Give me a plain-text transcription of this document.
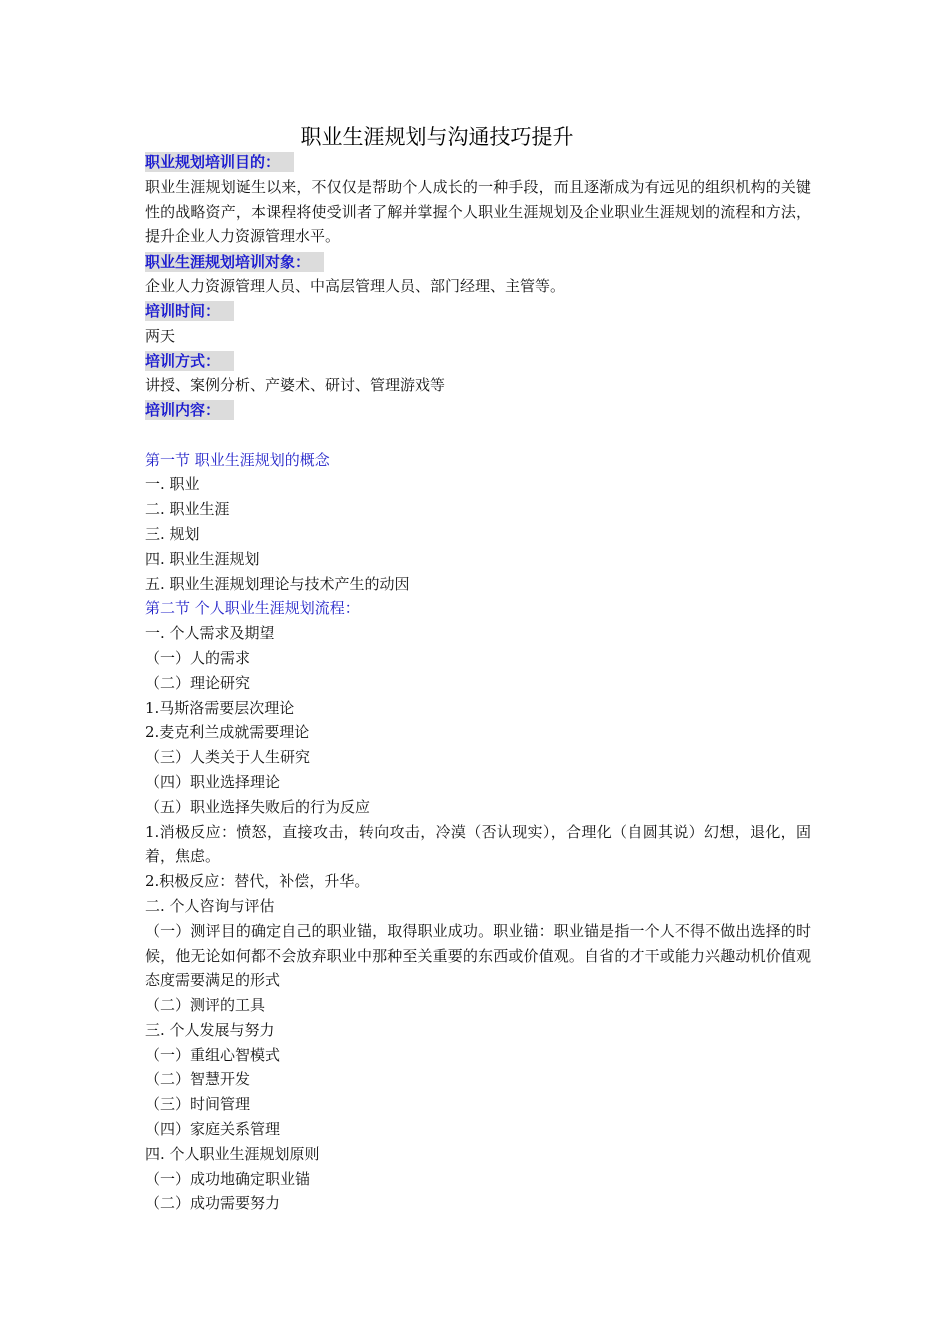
职业生涯规划与沟通技巧提升
职业规划培训目的：
职业生涯规划诞生以来，不仅仅是帮助个人成长的一种手段，而且逐渐成为有远见的组织机构的关键性的战略资产，本课程将使受训者了解并掌握个人职业生涯规划及企业职业生涯规划的流程和方法，提升企业人力资源管理水平。
职业生涯规划培训对象：
企业人力资源管理人员、中高层管理人员、部门经理、主管等。
培训时间：
两天
培训方式：
讲授、案例分析、产婆术、研讨、管理游戏等
培训内容：
第一节 职业生涯规划的概念
一. 职业
二. 职业生涯
三. 规划
四. 职业生涯规划
五. 职业生涯规划理论与技术产生的动因
第二节 个人职业生涯规划流程：
一. 个人需求及期望
（一）人的需求
（二）理论研究
1.马斯洛需要层次理论
2.麦克利兰成就需要理论
（三）人类关于人生研究
（四）职业选择理论
（五）职业选择失败后的行为反应
1.消极反应：愤怒，直接攻击，转向攻击，冷漠（否认现实），合理化（自圆其说）幻想，退化，固着，焦虑。
2.积极反应：替代，补偿，升华。
二. 个人咨询与评估
（一）测评目的确定自己的职业锚，取得职业成功。职业锚：职业锚是指一个人不得不做出选择的时候，他无论如何都不会放弃职业中那种至关重要的东西或价值观。自省的才干或能力兴趣动机价值观态度需要满足的形式
（二）测评的工具
三. 个人发展与努力
（一）重组心智模式
（二）智慧开发
（三）时间管理
（四）家庭关系管理
四. 个人职业生涯规划原则
（一）成功地确定职业锚
（二）成功需要努力
